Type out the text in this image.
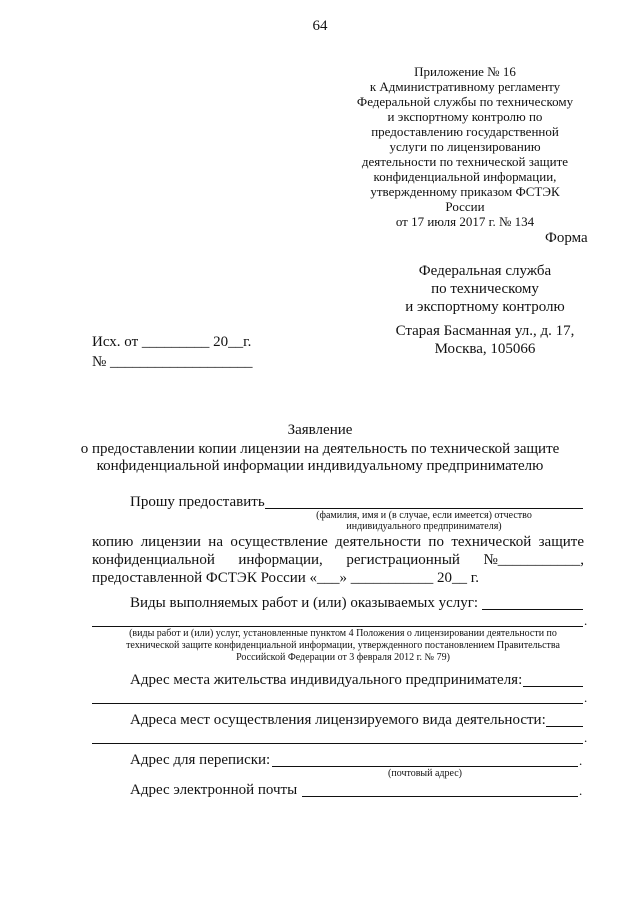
64
Приложение № 16
к Административному регламенту
Федеральной службы по техническому
и экспортному контролю по
предоставлению государственной
услуги по лицензированию
деятельности по технической защите
конфиденциальной информации,
утвержденному приказом ФСТЭК России
от 17 июля 2017 г. № 134
Форма
Федеральная служба
по техническому
и экспортному контролю
Старая Басманная ул., д. 17,
Москва, 105066
Исх. от _________ 20__г.
№ ___________________
Заявление
о предоставлении копии лицензии на деятельность по технической защите
конфиденциальной информации индивидуальному предпринимателю
Прошу предоставить
(фамилия, имя и (в случае, если имеется) отчество
индивидуального предпринимателя)
копию лицензии на осуществление деятельности по технической защите
конфиденциальной информации, регистрационный №___________,
предоставленной ФСТЭК России «___» ___________ 20__ г.
Виды выполняемых работ и (или) оказываемых услуг:
.
(виды работ и (или) услуг, установленные пунктом 4 Положения о лицензировании деятельности по технической защите конфиденциальной информации, утвержденного постановлением Правительства Российской Федерации от 3 февраля 2012 г. № 79)
Адрес места жительства индивидуального предпринимателя:
.
Адреса мест осуществления лицензируемого вида деятельности:
.
Адрес для переписки:	.
(почтовый адрес)
Адрес электронной почты	.
